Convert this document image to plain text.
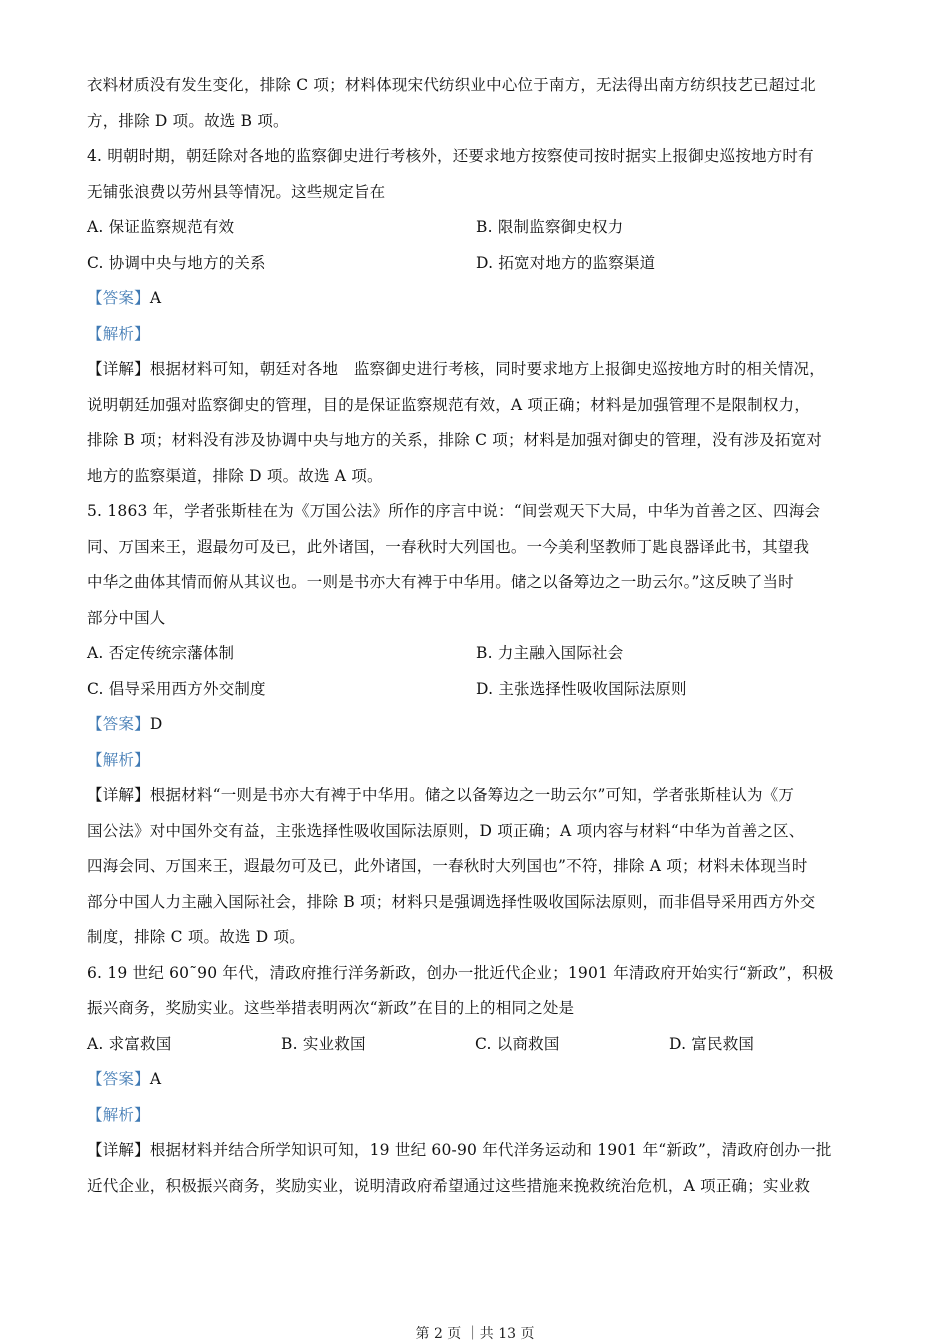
衣料材质没有发生变化，排除 C 项；材料体现宋代纺织业中心位于南方，无法得出南方纺织技艺已超过北
方，排除 D 项。故选 B 项。
4. 明朝时期，朝廷除对各地的监察御史进行考核外，还要求地方按察使司按时据实上报御史巡按地方时有
无铺张浪费以劳州县等情况。这些规定旨在
A. 保证监察规范有效	B. 限制监察御史权力
C. 协调中央与地方的关系	D. 拓宽对地方的监察渠道
【答案】A
【解析】
【详解】根据材料可知，朝廷对各地　监察御史进行考核，同时要求地方上报御史巡按地方时的相关情况，
说明朝廷加强对监察御史的管理，目的是保证监察规范有效，A 项正确；材料是加强管理不是限制权力，
排除 B 项；材料没有涉及协调中央与地方的关系，排除 C 项；材料是加强对御史的管理，没有涉及拓宽对
地方的监察渠道，排除 D 项。故选 A 项。
5. 1863 年，学者张斯桂在为《万国公法》所作的序言中说：“间尝观天下大局，中华为首善之区、四海会
同、万国来王，遐最勿可及已，此外诸国，一春秋时大列国也。一今美利坚教师丁匙良器译此书，其望我
中华之曲体其情而俯从其议也。一则是书亦大有裨于中华用。储之以备筹边之一助云尔。”这反映了当时
部分中国人
A. 否定传统宗藩体制	B. 力主融入国际社会
C. 倡导采用西方外交制度	D. 主张选择性吸收国际法原则
【答案】D
【解析】
【详解】根据材料“一则是书亦大有裨于中华用。储之以备筹边之一助云尔”可知，学者张斯桂认为《万
国公法》对中国外交有益，主张选择性吸收国际法原则，D 项正确；A 项内容与材料“中华为首善之区、
四海会同、万国来王，遐最勿可及已，此外诸国，一春秋时大列国也”不符，排除 A 项；材料未体现当时
部分中国人力主融入国际社会，排除 B 项；材料只是强调选择性吸收国际法原则，而非倡导采用西方外交
制度，排除 C 项。故选 D 项。
6. 19 世纪 60˜90 年代，清政府推行洋务新政，创办一批近代企业；1901 年清政府开始实行“新政”，积极
振兴商务，奖励实业。这些举措表明两次“新政”在目的上的相同之处是
A. 求富救国	B. 实业救国	C. 以商救国	D. 富民救国
【答案】A
【解析】
【详解】根据材料并结合所学知识可知，19 世纪 60-90 年代洋务运动和 1901 年“新政”，清政府创办一批
近代企业，积极振兴商务，奖励实业，说明清政府希望通过这些措施来挽救统治危机，A 项正确；实业救
第 2 页 ｜共 13 页
